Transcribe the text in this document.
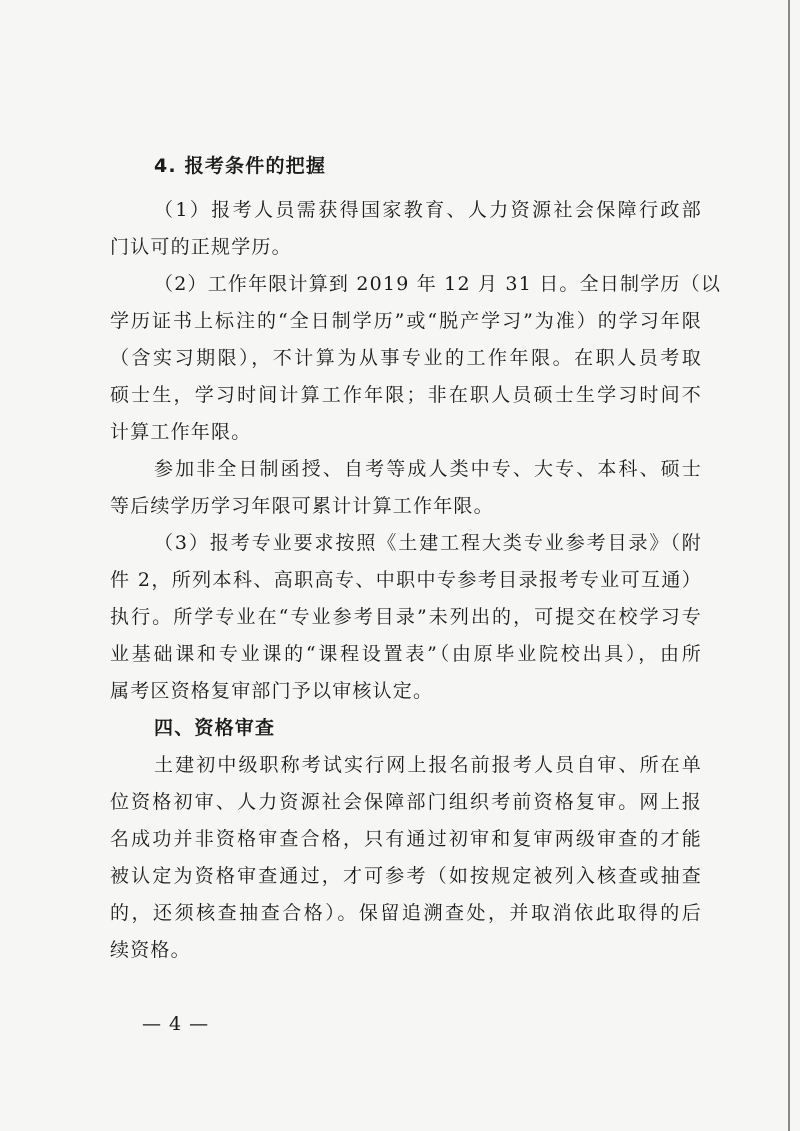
4. 报考条件的把握
（1）报考人员需获得国家教育、人力资源社会保障行政部
门认可的正规学历。
（2）工作年限计算到 2019 年 12 月 31 日。全日制学历（以
学历证书上标注的“全日制学历”或“脱产学习”为准）的学习年限
（含实习期限），不计算为从事专业的工作年限。在职人员考取
硕士生，学习时间计算工作年限；非在职人员硕士生学习时间不
计算工作年限。
参加非全日制函授、自考等成人类中专、大专、本科、硕士
等后续学历学习年限可累计计算工作年限。
（3）报考专业要求按照《土建工程大类专业参考目录》（附
件 2，所列本科、高职高专、中职中专参考目录报考专业可互通）
执行。所学专业在“专业参考目录”未列出的，可提交在校学习专
业基础课和专业课的“课程设置表”（由原毕业院校出具），由所
属考区资格复审部门予以审核认定。
四、资格审查
土建初中级职称考试实行网上报名前报考人员自审、所在单
位资格初审、人力资源社会保障部门组织考前资格复审。网上报
名成功并非资格审查合格，只有通过初审和复审两级审查的才能
被认定为资格审查通过，才可参考（如按规定被列入核查或抽查
的，还须核查抽查合格）。保留追溯查处，并取消依此取得的后
续资格。
— 4 —
